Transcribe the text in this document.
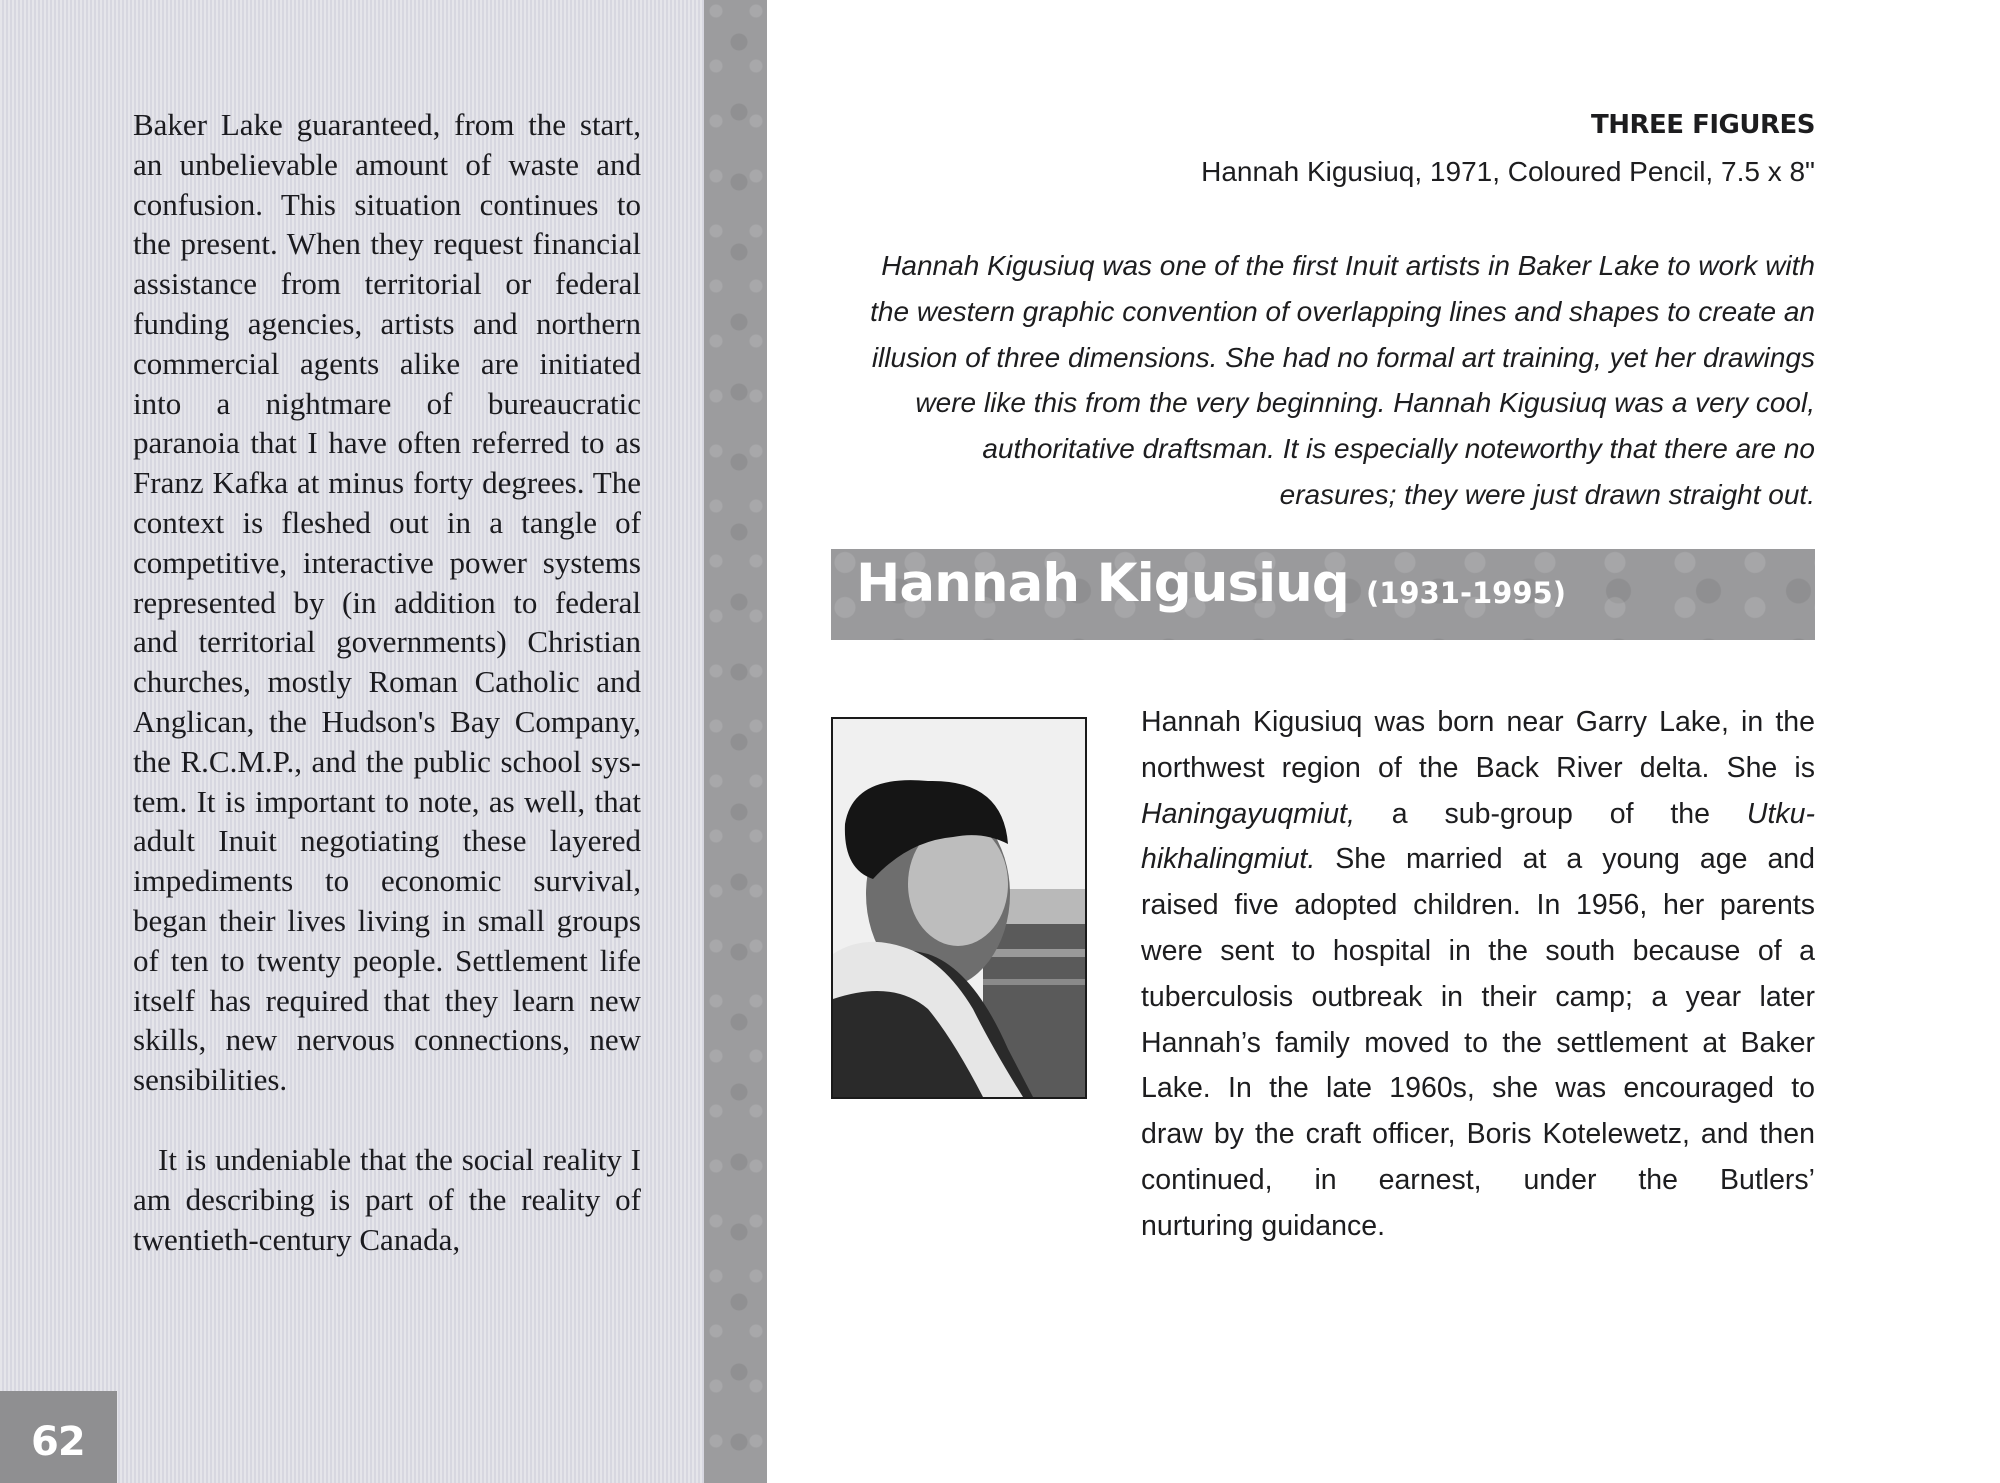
Baker Lake guaranteed, from the start, an unbelievable amount of waste and confusion. This situation continues to the present. When they request financial assistance from territorial or federal funding agencies, artists and northern commercial agents alike are initiated into a nightmare of bureaucratic paranoia that I have often referred to as Franz Kafka at minus forty degrees. The context is fleshed out in a tangle of competitive, interactive power systems represented by (in addition to federal and territorial governments) Christian churches, mostly Roman Catholic and Anglican, the Hudson's Bay Company, the R.C.M.P., and the public school system. It is important to note, as well, that adult Inuit negotiating these layered impediments to economic survival, began their lives living in small groups of ten to twenty people. Settlement life itself has required that they learn new skills, new nervous connections, new sensibilities.

It is undeniable that the social reality I am describing is part of the reality of twentieth-century Canada,

62
THREE FIGURES
Hannah Kigusiuq, 1971, Coloured Pencil, 7.5 x 8"
Hannah Kigusiuq was one of the first Inuit artists in Baker Lake to work with
the western graphic convention of overlapping lines and shapes to create an
illusion of three dimensions. She had no formal art training, yet her drawings
were like this from the very beginning. Hannah Kigusiuq was a very cool,
authoritative draftsman. It is especially noteworthy that there are no
erasures; they were just drawn straight out.
Hannah Kigusiuq (1931-1995)
Hannah Kigusiuq was born near Garry Lake, in the
northwest region of the Back River delta. She is
Haningayuqmiut, a sub-group of the Utku-
hikhalingmiut. She married at a young age and
raised five adopted children. In 1956, her parents
were sent to hospital in the south because of a
tuberculosis outbreak in their camp; a year later
Hannah’s family moved to the settlement at Baker
Lake. In the late 1960s, she was encouraged to
draw by the craft officer, Boris Kotelewetz, and then
continued, in earnest, under the Butlers’
nurturing guidance.
